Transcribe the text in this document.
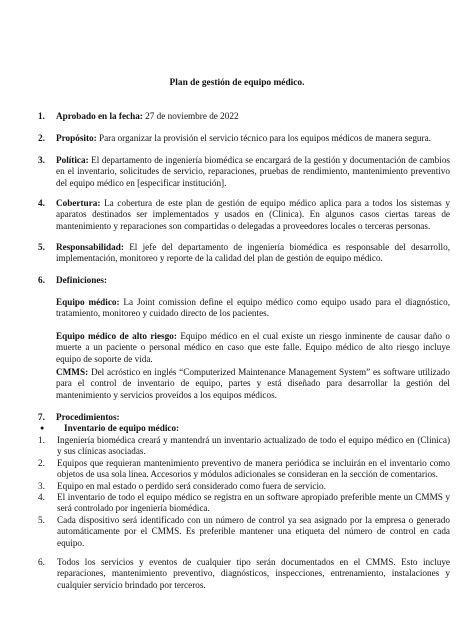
Plan de gestión de equipo médico.
1. Aprobado en la fecha: 27 de noviembre de 2022
2. Propósito: Para organizar la provisión el servicio técnico para los equipos médicos de manera segura.
3. Política: El departamento de ingeniería biomédica se encargará de la gestión y documentación de cambios en el inventario, solicitudes de servicio, reparaciones, pruebas de rendimiento, mantenimiento preventivo del equipo médico en [especificar institución].
4. Cobertura: La cobertura de este plan de gestión de equipo médico aplica para a todos los sistemas y aparatos destinados ser implementados y usados en (Clinica). En algunos casos ciertas tareas de mantenimiento y reparaciones son compartidas o delegadas a proveedores locales o terceras personas.
5. Responsabilidad: El jefe del departamento de ingeniería biomédica es responsable del desarrollo, implementación, monitoreo y reporte de la calidad del plan de gestión de equipo médico.
6. Definiciones:
Equipo médico: La Joint comission define el equipo médico como equipo usado para el diagnóstico, tratamiento, monitoreo y cuidado directo de los pacientes.
Equipo médico de alto riesgo: Equipo médico en el cual existe un riesgo inminente de causar daño o muerte a un paciente o personal médico en caso que este falle. Equipo médico de alto riesgo incluye equipo de soporte de vida.
CMMS: Del acróstico en inglés “Computerized Maintenance Management System” es software utilizado para el control de inventario de equipo, partes y está diseñado para desarrollar la gestión del mantenimiento y servicios proveídos a los equipos médicos.
7. Procedimientos:
● Inventario de equipo médico:
1. Ingeniería biomédica creará y mantendrá un inventario actualizado de todo el equipo médico en (Clinica) y sus clínicas asociadas.
2. Equipos que requieran mantenimiento preventivo de manera periódica se incluirán en el inventario como objetos de usa sola línea. Accesorios y módulos adicionales se consideran en la sección de comentarios.
3. Equipo en mal estado o perdido será considerado como fuera de servicio.
4. El inventario de todo el equipo médico se registra en un software apropiado preferible mente un CMMS y será controlado por ingeniería biomédica.
5. Cada dispositivo será identificado con un número de control ya sea asignado por la empresa o generado automáticamente por el CMMS. Es preferible mantener una etiqueta del número de control en cada equipo.
6. Todos los servicios y eventos de cualquier tipo serán documentados en el CMMS. Esto incluye reparaciones, mantenimiento preventivo, diagnósticos, inspecciones, entrenamiento, instalaciones y cualquier servicio brindado por terceros.
